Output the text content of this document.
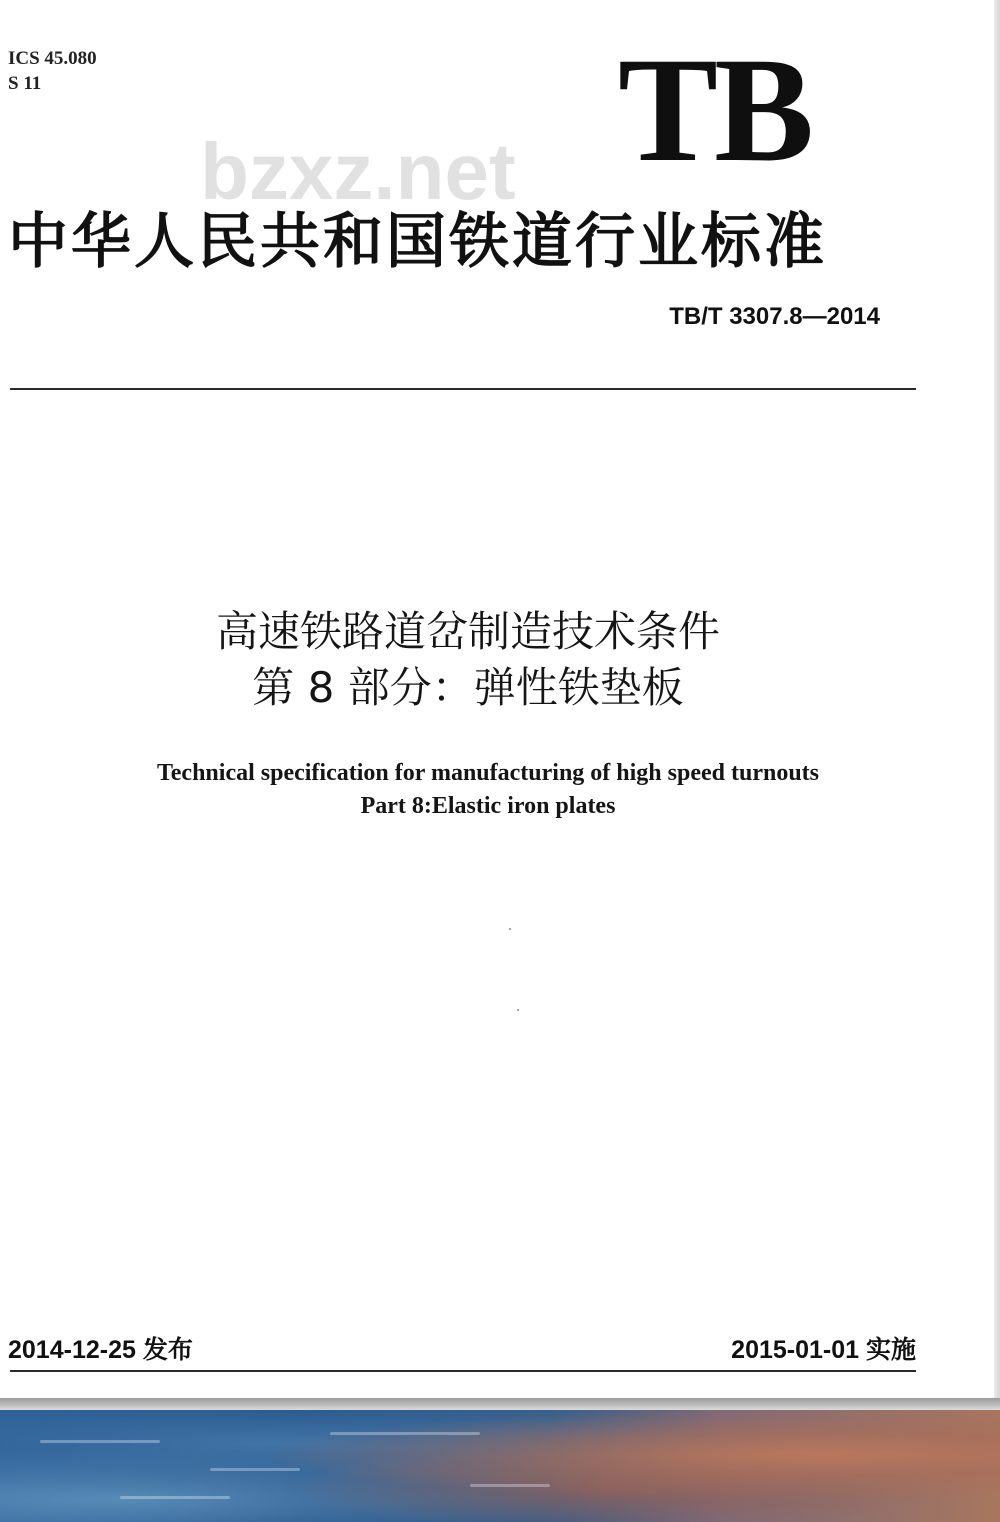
ICS 45.080
S 11
bzxz.net TB
中华人民共和国铁道行业标准
TB/T 3307.8—2014
高速铁路道岔制造技术条件
第 8 部分：弹性铁垫板
Technical specification for manufacturing of high speed turnouts
Part 8:Elastic iron plates
2014-12-25 发布	2015-01-01 实施
